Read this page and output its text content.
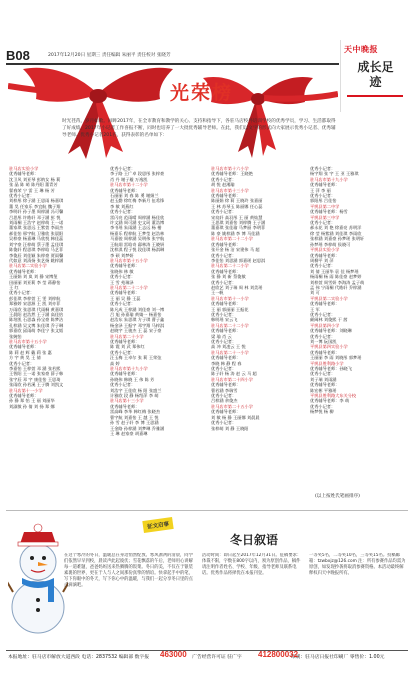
B08	2017年12月20日 星期三 责任编辑 朱丽平 责任校对 张晓芳
天中晚报
成长足迹
光荣榜
时光荏苒，岁月如歌。回眸2017年，在全市教育和教学的关心、支持和指导下，各驻马店校外培训学校的优秀学员，学习、生活都取得了好成绩，2017年小记者工作喜报不断，同时也培养了一大批优秀辅导老师。在此，我们以文字的形式向大家展示优秀小记者、优秀辅导老师、优秀小记者201名，获得表彰的名单如下：
驻马店实验小学
优秀辅导老师：
沈卫风 刘亚琴 彭纳女 杨 莉
张 晶 陈 萌 陈丹阳 董青芳
翟春荣 宁 雷 王 琳 杨 芳
优秀小记者：
刘梓彤 徐子涵 王思雨 杨嘉琪
董 昊 任家乐 李宜航 魏子翔
李明轩 孙子墨 周梓涵 冯可馨
吕思彤 许皓轩 邓子涵 彭 悦
刘雨桐 王浩宇 赵梓萌 王一诺
董家琪 张思远 王紫萱 李雨杰
郝佳怡 邢宇航 卫雅欣 张晨阳
吴梓豪 杨嘉琳 马欣悦 韩佳蕊
刘宇豪 汪梓萌 蔡子墨 孟佳琪
陈俊轩 程思琪 李梓晗 马艺菲
李俊辰 刘佳颖 朱梓豪 贾雨馨
代如意 刘清扬 张艺扬 姚梓涵
驻马店第二实验小学
优秀辅导老师：
王丽娟 刘 岚 刘 静 宋博玺
田丽丽 刘亚莉 李 莹 蒋静怡
王 红
优秀小记者：
彭佳琪 李梓萱 王 雯 刘梓航
郑雅婷 宋思源 王 凯 刘亦菲
万雨欣 张思琪 代雨桐 黄嘉琪
王晨阳 赵浩然 王子涵 高佳怡
陈培凯 石思淼 孙宝豪 陈梦洁
孔梓涵 吴文博 朱佳琪 乔子琳
郭嘉欣 邱雨萌 李佳宁 张文韬
张婉怡
驻马店市第十五小学
优秀辅导老师：
陈 莉 赵 辉 戴 莉 张 惠
方 宇 黄 昊 王 倩
优秀小记者：
李嘉怡 王梓萱 邓 涵 张若熙
王智阳 王一诺 张家豪 薛子韩
张宇辰 邓 宇 康佳怡 王思琦
张雨欣 孙若溪 王子腾 刘凯文
驻马店第十一小学
优秀辅导老师：
孙 静 郑 怡 王 丽 刘丽华
刘淑敏 孙 倩 刘 扬 郑 娜
优秀小记者：
李子路 王广卓 段思彤 张梓豪
肖 丹 谢子璇 万逸凯
驻马店市第十二小学
优秀辅导老师：
石丽丽 刘 春 陈 勇 谢娟兰
赵玉勤 徐红梅 李新月 伍希锋
李 敏 刘燕红
优秀小记者：
雷闪亮 范雨晴 周梓涵 杨佳欣
许文涵 周可涵 史文珂 董浩博
李书瑶 朱雨涵 王志远 杨 楷
杨嘉乐 程梓航 王梦莹 赵浩林
马嘉骏 周梓涵 吴明伟 张宇航
王航翊 雷晗奇 邸林涛 王晓妍
沈梓淇 程子悦 段佳琪 杨淇琳
李 硕 刘梦妍
驻马店市第十五小学
优秀辅导老师：
张晓伟 林 敏
优秀小记者：
王 雪 苑瑞泽
驻马店第二十二小学
优秀辅导老师：
王 丽 吴 静 王蕊
优秀小记者：
陈凡成 王梓涵 刘佳豪 刘一博
吕 旭 孙嘉瑜 黄婧一 杨嘉怡
赵浩东 朱思琪 方子琪 曹子鑫
杨金泽 王振宇 邓宇翔 马梓淇
赵晓宇 王骏杰 王 蕊 宋子豪
驻马店第二十小学
优秀辅导老师：
陈 霞 刘 武 郑伟红
优秀小记者：
汪玉梅 王卓尔 张 莉 王荣弦
高 婷
驻马店市第十九小学
优秀辅导老师：
孙晓伟 韩晓 王 伟 陈 芳
优秀小记者：
刘浩宇 王佳欣 杨 阳 张盛兰
计雅欣 段 静 杨绍萍 李 萌
驻马店第十三小学
优秀辅导老师：
雷高峰 李华 韩红梅 张晓杰
曹宇航 刘嘉怡 王 越 王 悦
孙 雪 赵子轩 李 博 王思涵
王金路 孙梓涵 刘梦琳 乔雅涵
王 琳 赵家豪 胡嘉琳
驻马店市第十六小学
优秀辅导老师：王晓艳
优秀小记者：
胡 悦 赵湘瑜
驻马店市第十三小学
优秀辅导老师：
陈丽娟 徐 莉 王晓玲 张嘉丽
王 林 苏琴玉 陈丽娜 任心蕊
优秀小记者：
宋玟轩 高羽彤 王 丽 黄灿慧
王思琪 刘嘉怡 刘梓腾 王子涵
董嘉琪 张佳瑜 马梦丽 李明菲
陈 豪 姚梓涵 李 博 马佳涵
驻马店市第二十二小学
优秀辅导老师：
张开金 杨 洁 宋建伟 马 超
优秀小记者：
李佳怡 刘思涵 郭嘉瑶 赵思淇
驻马店第二十二小学
优秀辅导老师：
张 静 刘 新 蔡俊敏
优秀小记者：
赵欣艺 刘子瑞 周 林 刘美瑶
王一帆
驻马店市第十一小学
优秀辅导老师：
王 丽 郭丽丽 王振花
优秀小记者：
韩明瑶 宋云飞
驻马店第二十二小学
优秀辅导老师：
梁 瑜 肖 云
优秀小记者：
高 冲 刘凌云 王 悦
驻马店第二十一小学
优秀辅导老师：
李晓 韩 静 程 春
优秀小记者：
陈子轩 杨 涛 赵 云 马 超
驻马店市第二十四小学
优秀辅导老师：
曹若涵 李瑞雪
优秀小记者：
吕梓涵 余俊杰
驻马店市第二十五小学
优秀辅导老师：
刘 敏 杨 静 王丽娜 刘晨晨
优秀小记者：
张梓萌 刘 静 王晓阳
优秀小记者：
杨宇翔 张 宇 王 亚 王雅琪
驻马店市第十九小学
优秀辅导老师：
王 萍 李 丽
优秀小记者：
郭阳彤 吕佳怡
平舆县第二中学
优秀辅导老师：杨雪
平舆县第三中学
优秀小记者：
郝永花 刘 艳 徐嘉亮 苏明洋
徐 莹 杨紫涵 刘佳琪 李雨欣
张梓涵 刘嘉豪 孙梦瑶 张明轩
孙梦瑶 李梓萌 侯晓可
平舆县实验小学
优秀辅导老师：
周柳平 刘 萍
优秀小记者：
刘 倩 王丽华 袁 佳 杨梦瑶
杨雨桐 杨 雨 陈佳豪 赵梦婷
刘梓萱 周雪妍 李海涛 孟子萌
孟 伟 宁雨桐 代皓轩 乔梓涵
刘 可
平舆县第二实验小学
优秀辅导老师：
王 军
优秀小记者：
颜阔林 刘俊熙 于 茜
平舆县第四小学
优秀辅导老师：刘晓琳
优秀小记者：
刘一博 阮国凯
平舆县第四实验小学
优秀辅导老师：
王丽丽 李 雨 刘晓彤 郭梦瑶
平舆县胜利路小学
优秀辅导老师：孙晓飞
优秀小记者：
刘子瑞 刘雨涵
优秀辅导老师：
陈宏彬 平雅瑶
平舆县胜利路大东关分校
优秀辅导老师：李 萌
优秀小记者：
杨梦悦 杨 柳
(以上按姓氏笔画排序)
征文启事
冬日叙语
在这个寒冷的冬日，温暖总在身边悄然绽放。寒风凛冽的清晨，同学们依然早早到校，晨读声此起彼伏；雪花飘落的午后，老师用心讲解每一道难题，爸爸妈妈送来热腾腾的饭菜。冬日的美，不仅在于银装素裹的世界，更在于人与人之间那份真挚的情谊。快拿起手中的笔，写下你眼中的冬天，写下你心中的温暖，与我们一起分享冬日里的点点滴滴吧。
活动时间：即日起至2017年12月31日。征稿要求：体裁不限，字数在800字以内，须为原创作品，稿件请注明作者姓名、学校、年级、指导老师及联系电话。优秀作品将择优在本报刊登。
一等奖5名，二等奖10名，三等奖15名。投稿邮箱：tzwbxjz@126.com 注：所有参赛作品均需为原创，如发现抄袭将取消参赛资格。本活动最终解释权归天中晚报所有。
本报地址：驻马店市解放大道西段 电话：2837532 编辑部 数字报	广告经营许可证 驻广字	印刷：驻马店日报社印刷厂 零售价：1.00元
463000	412800032
